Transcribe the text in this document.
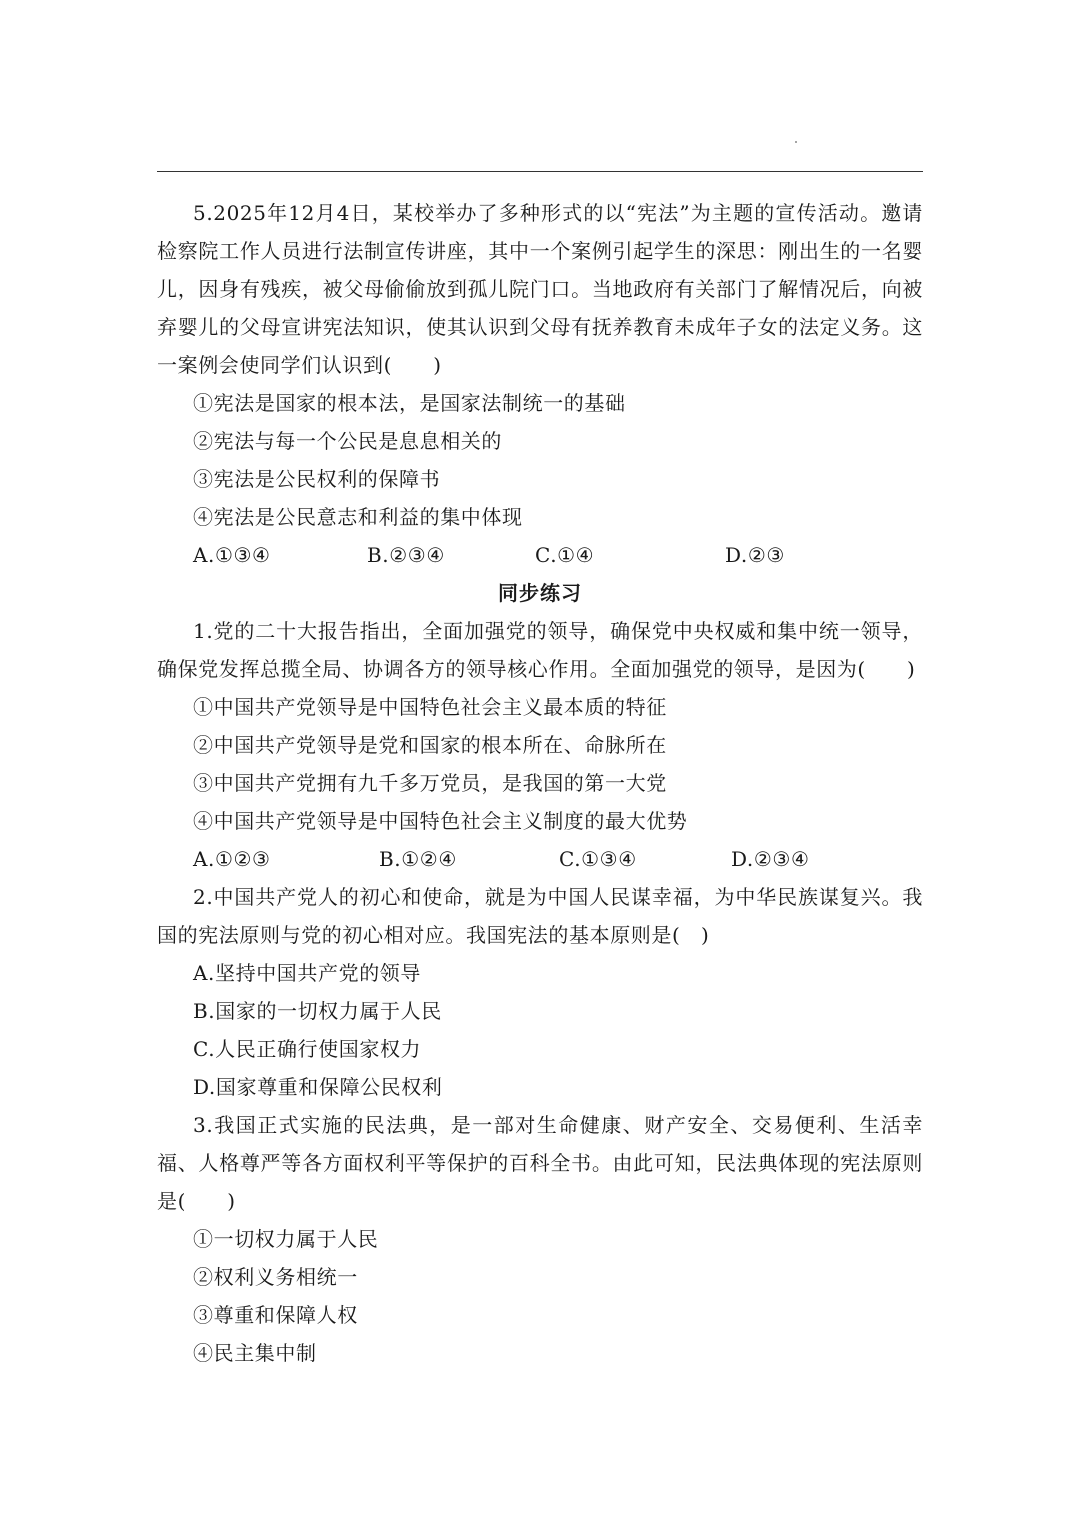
5.2025年12月4日，某校举办了多种形式的以“宪法”为主题的宣传活动。邀请检察院工作人员进行法制宣传讲座，其中一个案例引起学生的深思：刚出生的一名婴儿，因身有残疾，被父母偷偷放到孤儿院门口。当地政府有关部门了解情况后，向被弃婴儿的父母宣讲宪法知识，使其认识到父母有抚养教育未成年子女的法定义务。这一案例会使同学们认识到(　　)

①宪法是国家的根本法，是国家法制统一的基础

②宪法与每一个公民是息息相关的

③宪法是公民权利的保障书

④宪法是公民意志和利益的集中体现

A.①③④	B.②③④	C.①④	D.②③

同步练习

1.党的二十大报告指出，全面加强党的领导，确保党中央权威和集中统一领导，确保党发挥总揽全局、协调各方的领导核心作用。全面加强党的领导，是因为(　　)

①中国共产党领导是中国特色社会主义最本质的特征

②中国共产党领导是党和国家的根本所在、命脉所在

③中国共产党拥有九千多万党员，是我国的第一大党

④中国共产党领导是中国特色社会主义制度的最大优势

A.①②③	B.①②④	C.①③④	D.②③④

2.中国共产党人的初心和使命，就是为中国人民谋幸福，为中华民族谋复兴。我国的宪法原则与党的初心相对应。我国宪法的基本原则是(　)

A.坚持中国共产党的领导

B.国家的一切权力属于人民

C.人民正确行使国家权力

D.国家尊重和保障公民权利

3.我国正式实施的民法典，是一部对生命健康、财产安全、交易便利、生活幸福、人格尊严等各方面权利平等保护的百科全书。由此可知，民法典体现的宪法原则是(　　)

①一切权力属于人民

②权利义务相统一

③尊重和保障人权

④民主集中制
